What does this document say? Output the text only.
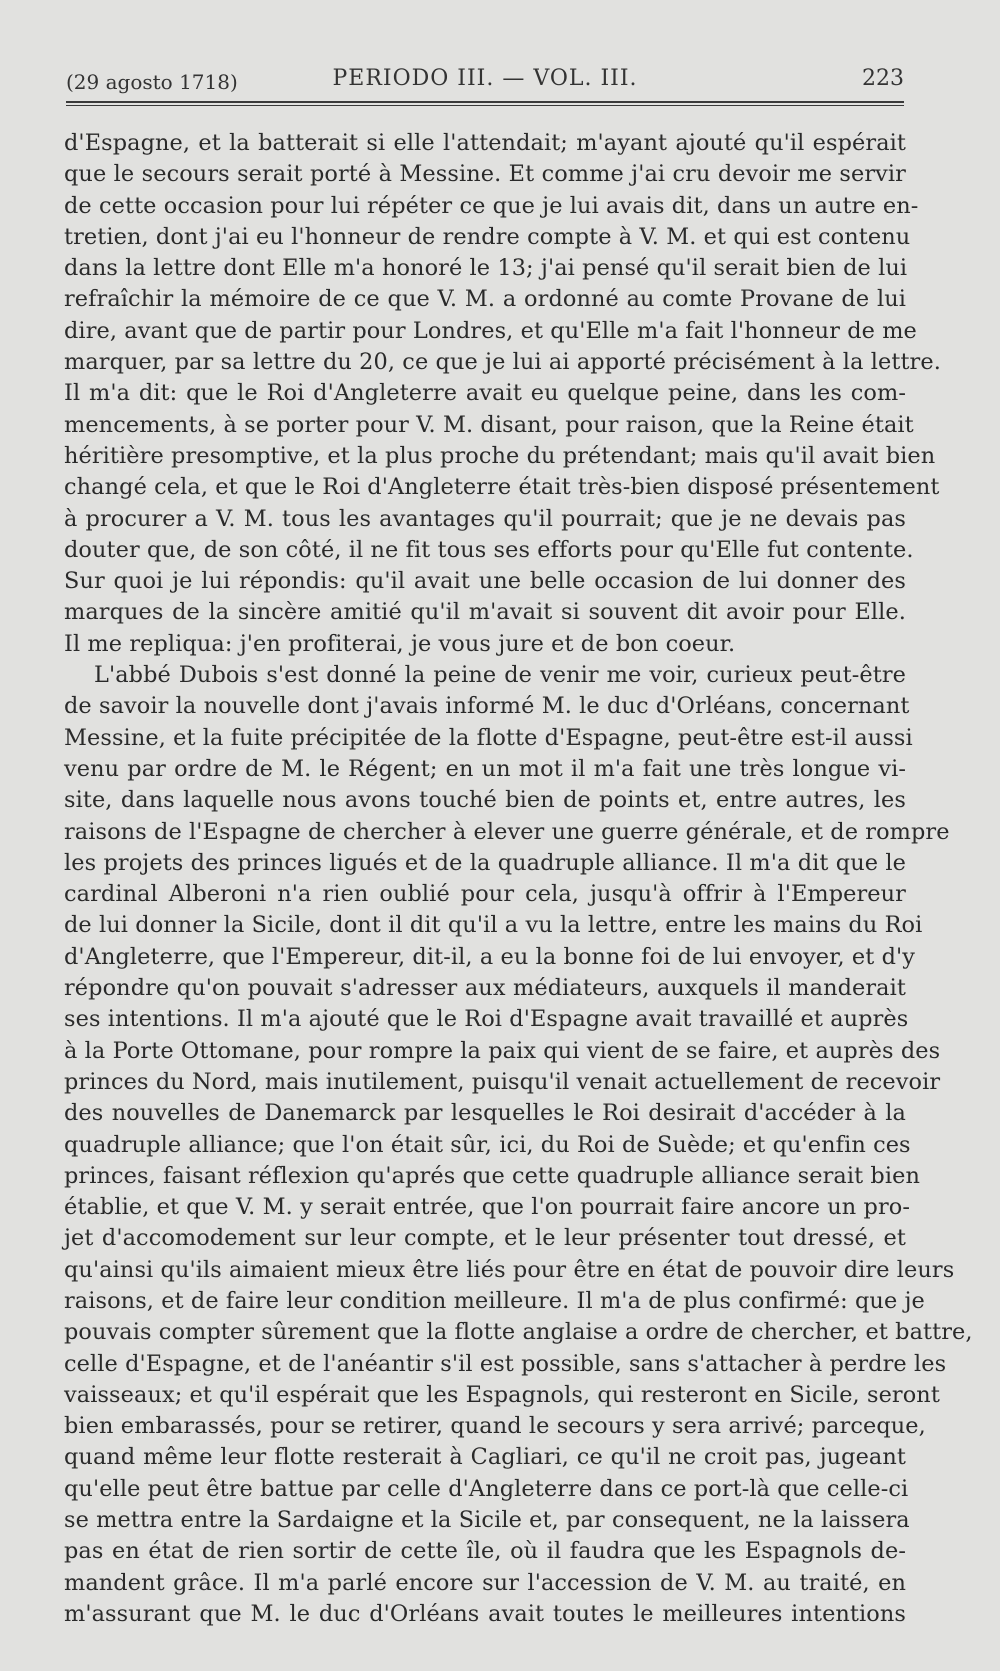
(29 agosto 1718)	PERIODO III. — VOL. III.	223
d'Espagne, et la batterait si elle l'attendait; m'ayant ajouté qu'il espérait
que le secours serait porté à Messine. Et comme j'ai cru devoir me servir
de cette occasion pour lui répéter ce que je lui avais dit, dans un autre en-
tretien, dont j'ai eu l'honneur de rendre compte à V. M. et qui est contenu
dans la lettre dont Elle m'a honoré le 13; j'ai pensé qu'il serait bien de lui
refraîchir la mémoire de ce que V. M. a ordonné au comte Provane de lui
dire, avant que de partir pour Londres, et qu'Elle m'a fait l'honneur de me
marquer, par sa lettre du 20, ce que je lui ai apporté précisément à la lettre.
Il m'a dit: que le Roi d'Angleterre avait eu quelque peine, dans les com-
mencements, à se porter pour V. M. disant, pour raison, que la Reine était
héritière presomptive, et la plus proche du prétendant; mais qu'il avait bien
changé cela, et que le Roi d'Angleterre était très-bien disposé présentement
à procurer a V. M. tous les avantages qu'il pourrait; que je ne devais pas
douter que, de son côté, il ne fit tous ses efforts pour qu'Elle fut contente.
Sur quoi je lui répondis: qu'il avait une belle occasion de lui donner des
marques de la sincère amitié qu'il m'avait si souvent dit avoir pour Elle.
Il me repliqua: j'en profiterai, je vous jure et de bon coeur.
L'abbé Dubois s'est donné la peine de venir me voir, curieux peut-être
de savoir la nouvelle dont j'avais informé M. le duc d'Orléans, concernant
Messine, et la fuite précipitée de la flotte d'Espagne, peut-être est-il aussi
venu par ordre de M. le Régent; en un mot il m'a fait une très longue vi-
site, dans laquelle nous avons touché bien de points et, entre autres, les
raisons de l'Espagne de chercher à elever une guerre générale, et de rompre
les projets des princes ligués et de la quadruple alliance. Il m'a dit que le
cardinal Alberoni n'a rien oublié pour cela, jusqu'à offrir à l'Empereur
de lui donner la Sicile, dont il dit qu'il a vu la lettre, entre les mains du Roi
d'Angleterre, que l'Empereur, dit-il, a eu la bonne foi de lui envoyer, et d'y
répondre qu'on pouvait s'adresser aux médiateurs, auxquels il manderait
ses intentions. Il m'a ajouté que le Roi d'Espagne avait travaillé et auprès
à la Porte Ottomane, pour rompre la paix qui vient de se faire, et auprès des
princes du Nord, mais inutilement, puisqu'il venait actuellement de recevoir
des nouvelles de Danemarck par lesquelles le Roi desirait d'accéder à la
quadruple alliance; que l'on était sûr, ici, du Roi de Suède; et qu'enfin ces
princes, faisant réflexion qu'aprés que cette quadruple alliance serait bien
établie, et que V. M. y serait entrée, que l'on pourrait faire ancore un pro-
jet d'accomodement sur leur compte, et le leur présenter tout dressé, et
qu'ainsi qu'ils aimaient mieux être liés pour être en état de pouvoir dire leurs
raisons, et de faire leur condition meilleure. Il m'a de plus confirmé: que je
pouvais compter sûrement que la flotte anglaise a ordre de chercher, et battre,
celle d'Espagne, et de l'anéantir s'il est possible, sans s'attacher à perdre les
vaisseaux; et qu'il espérait que les Espagnols, qui resteront en Sicile, seront
bien embarassés, pour se retirer, quand le secours y sera arrivé; parceque,
quand même leur flotte resterait à Cagliari, ce qu'il ne croit pas, jugeant
qu'elle peut être battue par celle d'Angleterre dans ce port-là que celle-ci
se mettra entre la Sardaigne et la Sicile et, par consequent, ne la laissera
pas en état de rien sortir de cette île, où il faudra que les Espagnols de-
mandent grâce. Il m'a parlé encore sur l'accession de V. M. au traité, en
m'assurant que M. le duc d'Orléans avait toutes le meilleures intentions
